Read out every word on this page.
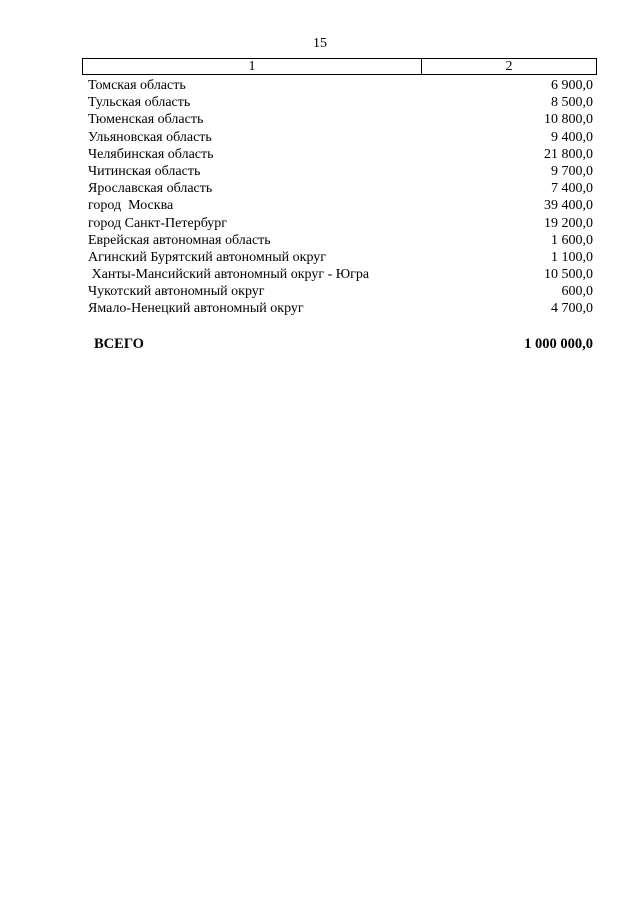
15
1	2
Томская область	6 900,0
Тульская область	8 500,0
Тюменская область	10 800,0
Ульяновская область	9 400,0
Челябинская область	21 800,0
Читинская область	9 700,0
Ярославская область	7 400,0
город  Москва	39 400,0
город Санкт-Петербург	19 200,0
Еврейская автономная область	1 600,0
Агинский Бурятский автономный округ	1 100,0
Ханты-Мансийский автономный округ - Югра	10 500,0
Чукотский автономный округ	600,0
Ямало-Ненецкий автономный округ	4 700,0
ВСЕГО	1 000 000,0
